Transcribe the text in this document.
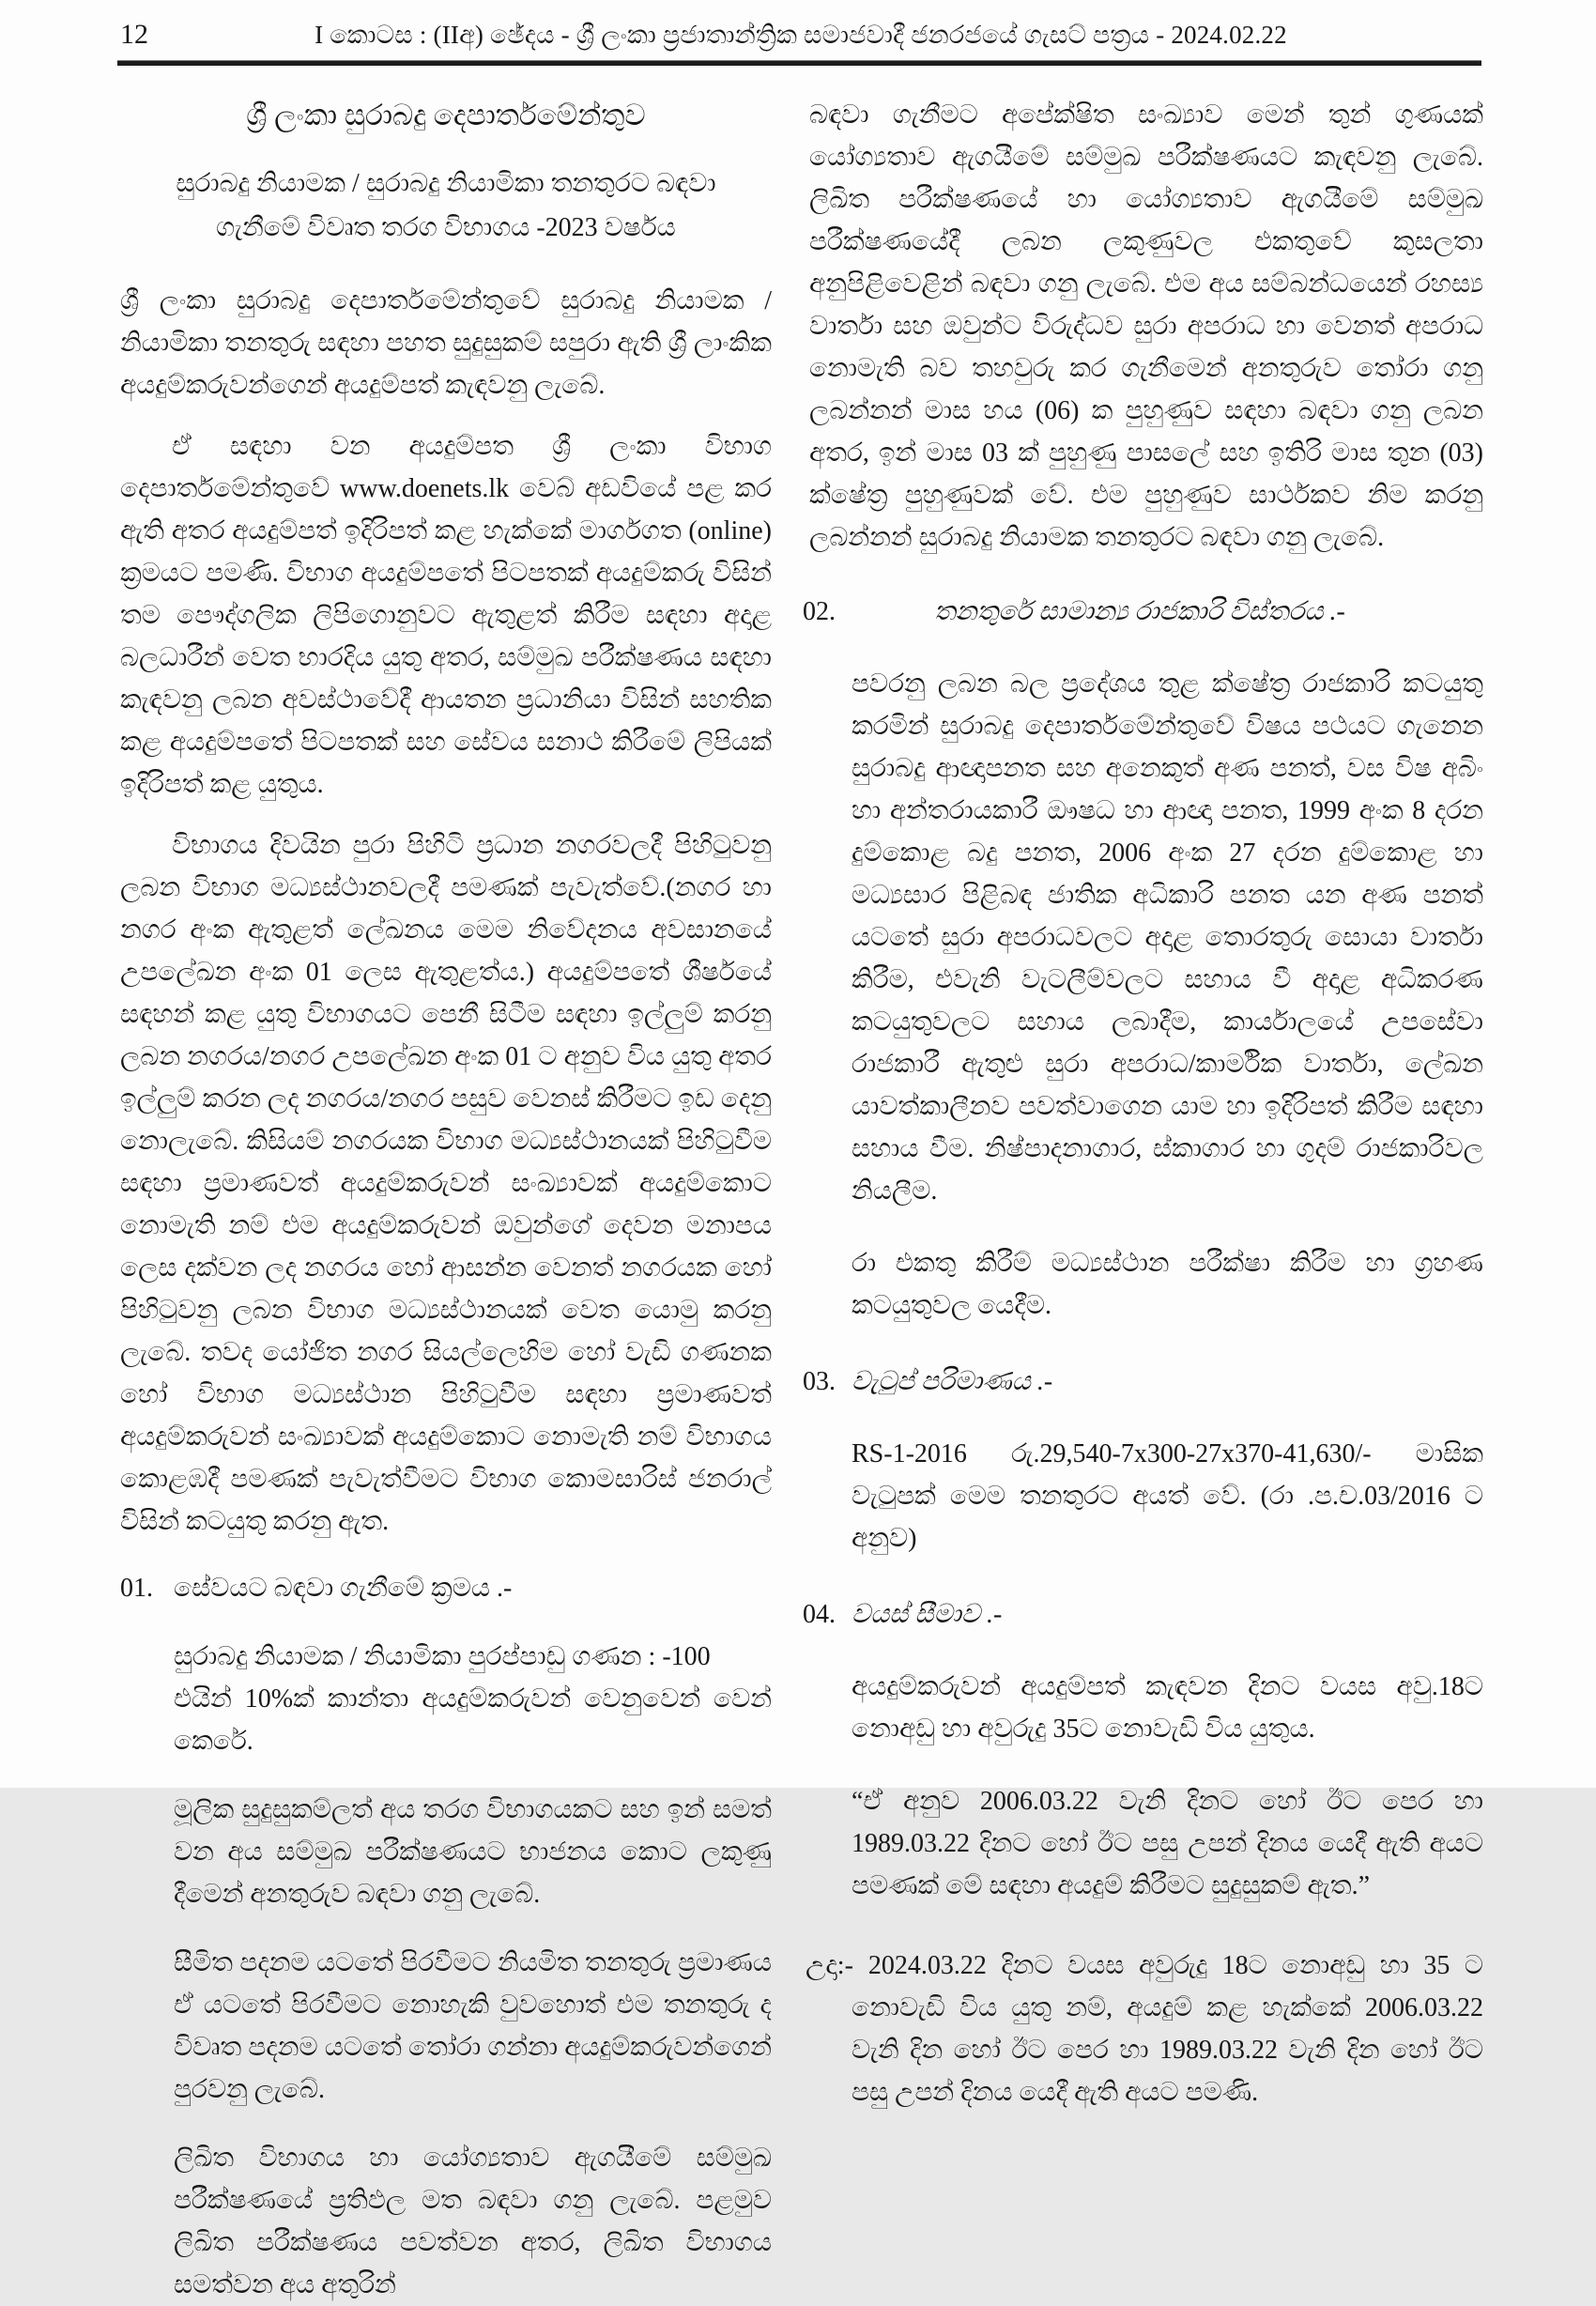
12	I කොටස : (IIඅ) ඡේදය - ශ්‍රී ලංකා ප්‍රජාතාන්ත්‍රික සමාජවාදී ජනරජයේ ගැසට් පත්‍රය - 2024.02.22

ශ්‍රී ලංකා සුරාබදු දෙපාර්තමේන්තුව

සුරාබදු නියාමක / සුරාබදු නියාමිකා තනතුරට බඳවා

ගැනීමේ විවෘත තරග විභාගය -2023 වර්ෂය

ශ්‍රී ලංකා සුරාබදු දෙපාර්තමේන්තුවේ සුරාබදු නියාමක / නියාමිකා තනතුරු සඳහා පහත සුදුසුකම් සපුරා ඇති ශ්‍රී ලාංකික අයදුම්කරුවන්ගෙන් අයදුම්පත් කැඳවනු ලැබේ.

ඒ සඳහා වන අයදුම්පත ශ්‍රී ලංකා විභාග දෙපාර්තමේන්තුවේ www.doenets.lk වෙබ් අඩවියේ පළ කර ඇති අතර අයදුම්පත් ඉදිරිපත් කළ හැක්කේ මාර්ගගත (online) ක්‍රමයට පමණි. විභාග අයදුම්පතේ පිටපතක් අයදුම්කරු විසින් තම පෞද්ගලික ලිපිගොනුවට ඇතුළත් කිරීම සඳහා අදාළ බලධාරීන් වෙත භාරදිය යුතු අතර, සම්මුඛ පරීක්ෂණය සඳහා කැඳවනු ලබන අවස්ථාවේදී ආයතන ප්‍රධානියා විසින් සහතික කළ අයදුම්පතේ පිටපතක් සහ සේවය සනාථ කිරීමේ ලිපියක් ඉදිරිපත් කළ යුතුය.

විභාගය දිවයින පුරා පිහිටි ප්‍රධාන නගරවලදී පිහිටුවනු ලබන විභාග මධ්‍යස්ථානවලදී පමණක් පැවැත්වේ.(නගර හා නගර අංක ඇතුළත් ලේඛනය මෙම නිවේදනය අවසානයේ උපලේඛන අංක 01 ලෙස ඇතුළත්ය.) අයදුම්පතේ ශීර්ෂයේ සඳහන් කළ යුතු විභාගයට පෙනී සිටීම සඳහා ඉල්ලුම් කරනු ලබන නගරය/නගර උපලේඛන අංක 01 ට අනුව විය යුතු අතර ඉල්ලුම් කරන ලද නගරය/නගර පසුව වෙනස් කිරීමට ඉඩ දෙනු නොලැබේ. කිසියම් නගරයක විභාග මධ්‍යස්ථානයක් පිහිටුවීම සඳහා ප්‍රමාණවත් අයදුම්කරුවන් සංඛ්‍යාවක් අයදුම්කොට නොමැති නම් එම අයදුම්කරුවන් ඔවුන්ගේ දෙවන මනාපය ලෙස දක්වන ලද නගරය හෝ ආසන්න වෙනත් නගරයක හෝ පිහිටුවනු ලබන විභාග මධ්‍යස්ථානයක් වෙත යොමු කරනු ලැබේ. තවද යෝජිත නගර සියල්ලෙහිම හෝ වැඩි ගණනක හෝ විභාග මධ්‍යස්ථාන පිහිටුවීම සඳහා ප්‍රමාණවත් අයදුම්කරුවන් සංඛ්‍යාවක් අයදුම්කොට නොමැති නම් විභාගය කොළඹදී පමණක් පැවැත්වීමට විභාග කොමසාරිස් ජනරාල් විසින් කටයුතු කරනු ඇත.

01. සේවයට බඳවා ගැනීමේ ක්‍රමය .-

සුරාබදු නියාමක / නියාමිකා පුරප්පාඩු ගණන : -100

එයින් 10%ක් කාන්තා අයදුම්කරුවන් වෙනුවෙන් වෙන් කෙරේ.

මූලික සුදුසුකම්ලත් අය තරග විභාගයකට සහ ඉන් සමත් වන අය සම්මුඛ පරීක්ෂණයට භාජනය කොට ලකුණු දීමෙන් අනතුරුව බඳවා ගනු ලැබේ.

සීමිත පදනම යටතේ පිරවීමට නියමිත තනතුරු ප්‍රමාණය ඒ යටතේ පිරවීමට නොහැකි වුවහොත් එම තනතුරු ද විවෘත පදනම යටතේ තෝරා ගන්නා අයදුම්කරුවන්ගෙන් පුරවනු ලැබේ.

ලිඛිත විභාගය හා යෝග්‍යතාව ඇගයීමේ සම්මුඛ පරීක්ෂණයේ ප්‍රතිඵල මත බඳවා ගනු ලැබේ. පළමුව ලිඛිත පරීක්ෂණය පවත්වන අතර, ලිඛිත විභාගය සමත්වන අය අතුරින්

බඳවා ගැනීමට අපේක්ෂිත සංඛ්‍යාව මෙන් තුන් ගුණයක් යෝග්‍යතාව ඇගයීමේ සම්මුඛ පරීක්ෂණයට කැඳවනු ලැබේ. ලිඛිත පරීක්ෂණයේ හා යෝග්‍යතාව ඇගයීමේ සම්මුඛ පරීක්ෂණයේදී ලබන ලකුණුවල එකතුවේ කුසලතා අනුපිළිවෙළින් බඳවා ගනු ලැබේ. එම අය සම්බන්ධයෙන් රහස්‍ය වාර්තා සහ ඔවුන්ට විරුද්ධව සුරා අපරාධ හා වෙනත් අපරාධ නොමැති බව තහවුරු කර ගැනීමෙන් අනතුරුව තෝරා ගනු ලබන්නන් මාස හය (06) ක පුහුණුව සඳහා බඳවා ගනු ලබන අතර, ඉන් මාස 03 ක් පුහුණු පාසලේ සහ ඉතිරි මාස තුන (03) ක්ෂේත්‍ර පුහුණුවක් වේ. එම පුහුණුව සාර්ථකව නිම කරනු ලබන්නන් සුරාබදු නියාමක තනතුරට බඳවා ගනු ලැබේ.

02.	තනතුරේ සාමාන්‍ය රාජකාරි විස්තරය .-

පවරනු ලබන බල ප්‍රදේශය තුළ ක්ෂේත්‍ර රාජකාරි කටයුතු කරමින් සුරාබදු දෙපාර්තමේන්තුවේ විෂය පථයට ගැනෙන සුරාබදු ආඥාපනත සහ අනෙකුත් අණ පනත්, වස විෂ අබිං හා අන්තරායකාරී ඖෂධ හා ආඥා පනත, 1999 අංක 8 දරන දුම්කොළ බදු පනත, 2006 අංක 27 දරන දුම්කොළ හා මධ්‍යසාර පිළිබඳ ජාතික අධිකාරි පනත යන අණ පනත් යටතේ සුරා අපරාධවලට අදාළ තොරතුරු සොයා වාර්තා කිරීම, එවැනි වැටලීම්වලට සහාය වී අදාළ අධිකරණ කටයුතුවලට සහාය ලබාදීම, කාර්යාලයේ උපසේවා රාජකාරී ඇතුළු සුරා අපරාධ/කාර්මික වාර්තා, ලේඛන යාවත්කාලීනව පවත්වාගෙන යාම හා ඉදිරිපත් කිරීම සඳහා සහාය වීම. නිෂ්පාදනාගාර, ස්කාගාර හා ගුදම් රාජකාරිවල නියලීම.

රා එකතු කිරීම් මධ්‍යස්ථාන පරීක්ෂා කිරීම හා ග්‍රහණ කටයුතුවල යෙදීම.

03. වැටුප් පරිමාණය .-

RS-1-2016 රු.29,540-7x300-27x370-41,630/- මාසික වැටුපක් මෙම තනතුරට අයත් වේ. (රා .ප.ච.03/2016 ට අනුව)

04. වයස් සීමාව .-

අයදුම්කරුවන් අයදුම්පත් කැඳවන දිනට වයස අවු.18ට නොඅඩු හා අවුරුදු 35ට නොවැඩි විය යුතුය.

“ඒ අනුව 2006.03.22 වැනි දිනට හෝ ඊට පෙර හා 1989.03.22 දිනට හෝ ඊට පසු උපන් දිනය යෙදී ඇති අයට පමණක් මේ සඳහා අයදුම් කිරීමට සුදුසුකම් ඇත.”

උදා:- 2024.03.22 දිනට වයස අවුරුදු 18ට නොඅඩු හා 35 ට නොවැඩි විය යුතු නම්, අයදුම් කළ හැක්කේ 2006.03.22 වැනි දින හෝ ඊට පෙර හා 1989.03.22 වැනි දින හෝ ඊට පසු උපන් දිනය යෙදී ඇති අයට පමණි.
